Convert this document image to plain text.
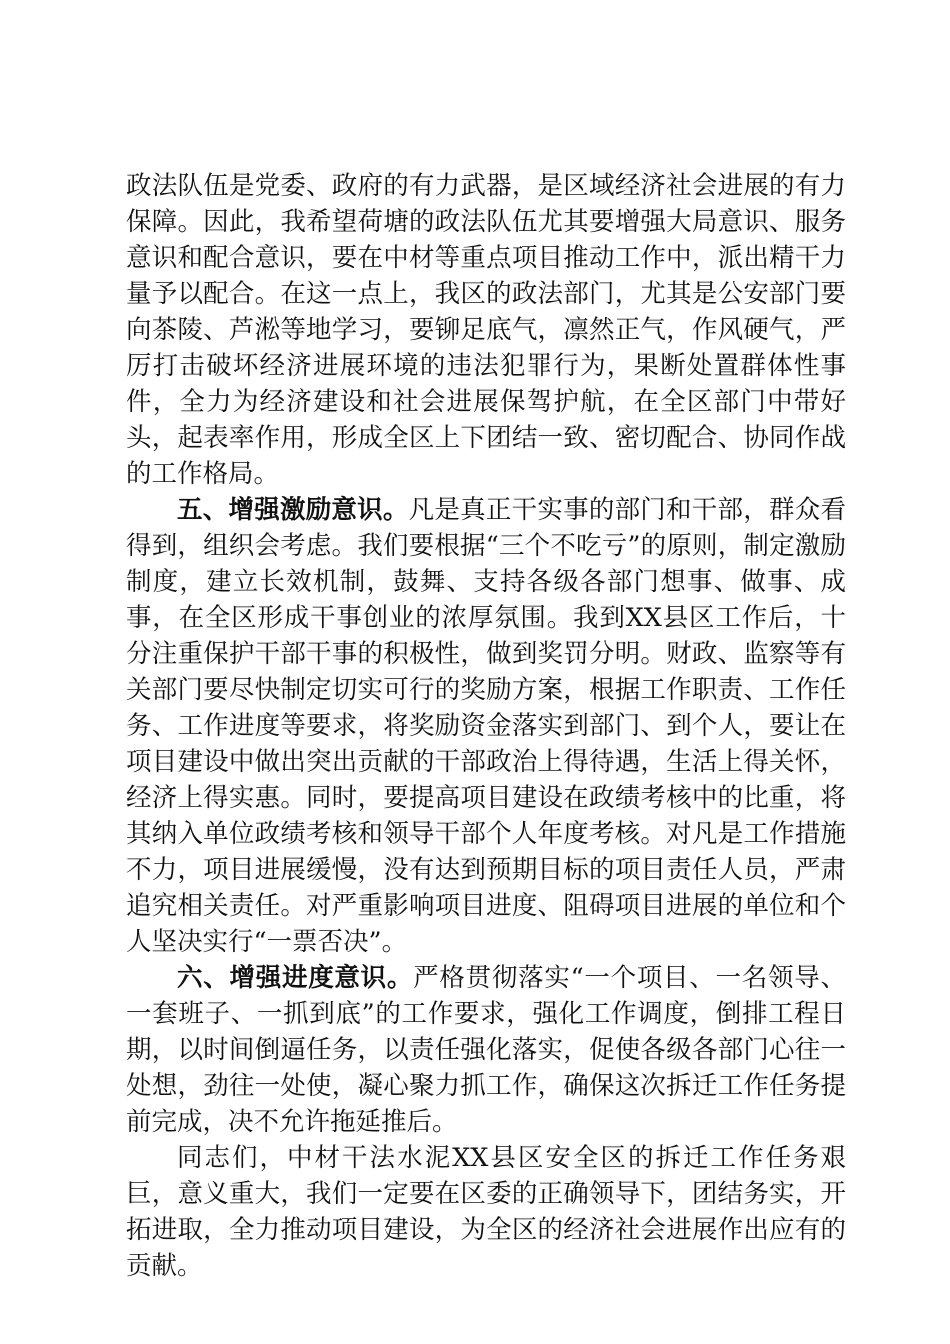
政法队伍是党委、政府的有力武器，是区域经济社会进展的有力保障。因此，我希望荷塘的政法队伍尤其要增强大局意识、服务意识和配合意识，要在中材等重点项目推动工作中，派出精干力量予以配合。在这一点上，我区的政法部门，尤其是公安部门要向茶陵、芦淞等地学习，要铆足底气，凛然正气，作风硬气，严厉打击破坏经济进展环境的违法犯罪行为，果断处置群体性事件，全力为经济建设和社会进展保驾护航，在全区部门中带好头，起表率作用，形成全区上下团结一致、密切配合、协同作战的工作格局。

五、增强激励意识。凡是真正干实事的部门和干部，群众看得到，组织会考虑。我们要根据“三个不吃亏”的原则，制定激励制度，建立长效机制，鼓舞、支持各级各部门想事、做事、成事，在全区形成干事创业的浓厚氛围。我到XX县区工作后，十分注重保护干部干事的积极性，做到奖罚分明。财政、监察等有关部门要尽快制定切实可行的奖励方案，根据工作职责、工作任务、工作进度等要求，将奖励资金落实到部门、到个人，要让在项目建设中做出突出贡献的干部政治上得待遇，生活上得关怀，经济上得实惠。同时，要提高项目建设在政绩考核中的比重，将其纳入单位政绩考核和领导干部个人年度考核。对凡是工作措施不力，项目进展缓慢，没有达到预期目标的项目责任人员，严肃追究相关责任。对严重影响项目进度、阻碍项目进展的单位和个人坚决实行“一票否决”。

六、增强进度意识。严格贯彻落实“一个项目、一名领导、一套班子、一抓到底”的工作要求，强化工作调度，倒排工程日期，以时间倒逼任务，以责任强化落实，促使各级各部门心往一处想，劲往一处使，凝心聚力抓工作，确保这次拆迁工作任务提前完成，决不允许拖延推后。

同志们，中材干法水泥XX县区安全区的拆迁工作任务艰巨，意义重大，我们一定要在区委的正确领导下，团结务实，开拓进取，全力推动项目建设，为全区的经济社会进展作出应有的贡献。
